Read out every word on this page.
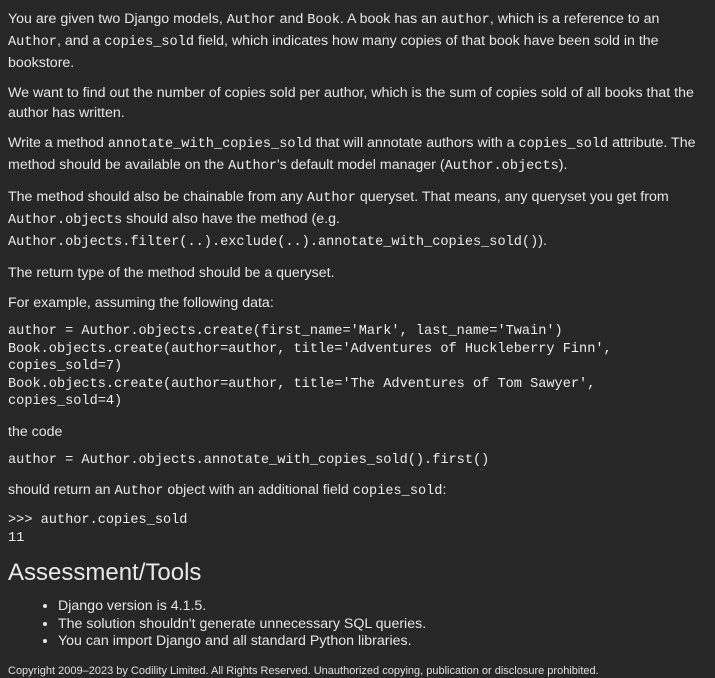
You are given two Django models, Author and Book. A book has an author, which is a reference to an Author, and a copies_sold field, which indicates how many copies of that book have been sold in the bookstore.

We want to find out the number of copies sold per author, which is the sum of copies sold of all books that the author has written.

Write a method annotate_with_copies_sold that will annotate authors with a copies_sold attribute. The method should be available on the Author's default model manager (Author.objects).

The method should also be chainable from any Author queryset. That means, any queryset you get from Author.objects should also have the method (e.g. Author.objects.filter(..).exclude(..).annotate_with_copies_sold()).

The return type of the method should be a queryset.

For example, assuming the following data:

author = Author.objects.create(first_name='Mark', last_name='Twain')
Book.objects.create(author=author, title='Adventures of Huckleberry Finn',
copies_sold=7)
Book.objects.create(author=author, title='The Adventures of Tom Sawyer',
copies_sold=4)

the code

author = Author.objects.annotate_with_copies_sold().first()

should return an Author object with an additional field copies_sold:

>>> author.copies_sold
11
Assessment/Tools
• Django version is 4.1.5.
• The solution shouldn't generate unnecessary SQL queries.
• You can import Django and all standard Python libraries.
Copyright 2009–2023 by Codility Limited. All Rights Reserved. Unauthorized copying, publication or disclosure prohibited.
